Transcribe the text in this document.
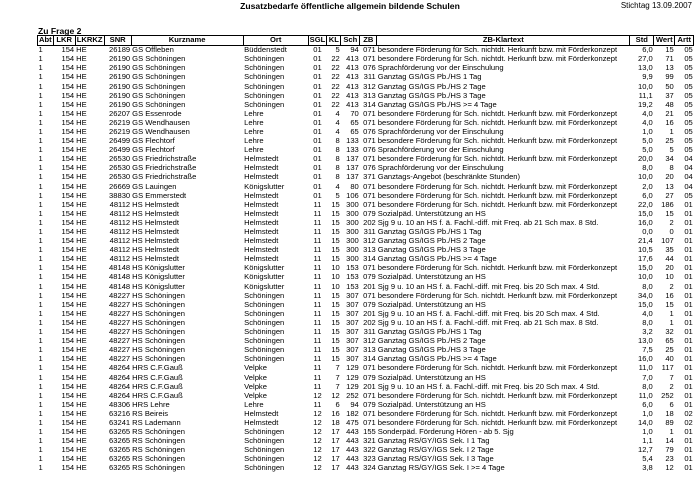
Zusatzbedarfe öffentliche allgemein bildende Schulen	Stichtag 13.09.2007
Zu Frage 2
Abt	LKR	LKRKZ	SNR	Kurzname	Ort	SGL	KL	Sch	ZB	ZB-Klartext	Std	Wert	Artt
1	154	HE	26189	GS Offleben	Büddenstedt	01	5	94	071	besondere Förderung für Sch. nichtdt. Herkunft bzw. mit Förderkonzept	6,0	15	05
1	154	HE	26190	GS Schöningen	Schöningen	01	22	413	071	besondere Förderung für Sch. nichtdt. Herkunft bzw. mit Förderkonzept	27,0	71	05
1	154	HE	26190	GS Schöningen	Schöningen	01	22	413	076	Sprachförderung vor der Einschulung	13,0	13	05
1	154	HE	26190	GS Schöningen	Schöningen	01	22	413	311	Ganztag GS/IGS Pb./HS 1 Tag	9,9	99	05
1	154	HE	26190	GS Schöningen	Schöningen	01	22	413	312	Ganztag GS/IGS Pb./HS 2 Tage	10,0	50	05
1	154	HE	26190	GS Schöningen	Schöningen	01	22	413	313	Ganztag GS/IGS Pb./HS 3 Tage	11,1	37	05
1	154	HE	26190	GS Schöningen	Schöningen	01	22	413	314	Ganztag GS/IGS Pb./HS >= 4 Tage	19,2	48	05
1	154	HE	26207	GS Essenrode	Lehre	01	4	70	071	besondere Förderung für Sch. nichtdt. Herkunft bzw. mit Förderkonzept	4,0	21	05
1	154	HE	26219	GS Wendhausen	Lehre	01	4	65	071	besondere Förderung für Sch. nichtdt. Herkunft bzw. mit Förderkonzept	4,0	16	05
1	154	HE	26219	GS Wendhausen	Lehre	01	4	65	076	Sprachförderung vor der Einschulung	1,0	1	05
1	154	HE	26499	GS Flechtorf	Lehre	01	8	133	071	besondere Förderung für Sch. nichtdt. Herkunft bzw. mit Förderkonzept	5,0	25	05
1	154	HE	26499	GS Flechtorf	Lehre	01	8	133	076	Sprachförderung vor der Einschulung	5,0	5	05
1	154	HE	26530	GS Friedrichstraße	Helmstedt	01	8	137	071	besondere Förderung für Sch. nichtdt. Herkunft bzw. mit Förderkonzept	20,0	34	04
1	154	HE	26530	GS Friedrichstraße	Helmstedt	01	8	137	076	Sprachförderung vor der Einschulung	8,0	8	04
1	154	HE	26530	GS Friedrichstraße	Helmstedt	01	8	137	371	Ganztags-Angebot (beschränkte Stunden)	10,0	20	04
1	154	HE	26669	GS Lauingen	Königslutter	01	4	80	071	besondere Förderung für Sch. nichtdt. Herkunft bzw. mit Förderkonzept	2,0	13	04
1	154	HE	38830	GS Emmerstedt	Helmstedt	01	5	106	071	besondere Förderung für Sch. nichtdt. Herkunft bzw. mit Förderkonzept	6,0	27	05
1	154	HE	48112	HS Helmstedt	Helmstedt	11	15	300	071	besondere Förderung für Sch. nichtdt. Herkunft bzw. mit Förderkonzept	22,0	186	01
1	154	HE	48112	HS Helmstedt	Helmstedt	11	15	300	079	Sozialpäd. Unterstützung an HS	15,0	15	01
1	154	HE	48112	HS Helmstedt	Helmstedt	11	15	300	202	Sjg 9 u. 10 an HS f. ä. Fachl.-diff. mit Freq. ab 21 Sch max. 8 Std.	16,0	2	01
1	154	HE	48112	HS Helmstedt	Helmstedt	11	15	300	311	Ganztag GS/IGS Pb./HS 1 Tag	0,0	0	01
1	154	HE	48112	HS Helmstedt	Helmstedt	11	15	300	312	Ganztag GS/IGS Pb./HS 2 Tage	21,4	107	01
1	154	HE	48112	HS Helmstedt	Helmstedt	11	15	300	313	Ganztag GS/IGS Pb./HS 3 Tage	10,5	35	01
1	154	HE	48112	HS Helmstedt	Helmstedt	11	15	300	314	Ganztag GS/IGS Pb./HS >= 4 Tage	17,6	44	01
1	154	HE	48148	HS Königslutter	Königslutter	11	10	153	071	besondere Förderung für Sch. nichtdt. Herkunft bzw. mit Förderkonzept	15,0	20	01
1	154	HE	48148	HS Königslutter	Königslutter	11	10	153	079	Sozialpäd. Unterstützung an HS	10,0	10	01
1	154	HE	48148	HS Königslutter	Königslutter	11	10	153	201	Sjg 9 u. 10 an HS f. ä. Fachl.-diff. mit Freq. bis 20 Sch max. 4 Std.	8,0	2	01
1	154	HE	48227	HS Schöningen	Schöningen	11	15	307	071	besondere Förderung für Sch. nichtdt. Herkunft bzw. mit Förderkonzept	34,0	16	01
1	154	HE	48227	HS Schöningen	Schöningen	11	15	307	079	Sozialpäd. Unterstützung an HS	15,0	15	01
1	154	HE	48227	HS Schöningen	Schöningen	11	15	307	201	Sjg 9 u. 10 an HS f. ä. Fachl.-diff. mit Freq. bis 20 Sch max. 4 Std.	4,0	1	01
1	154	HE	48227	HS Schöningen	Schöningen	11	15	307	202	Sjg 9 u. 10 an HS f. ä. Fachl.-diff. mit Freq. ab 21 Sch max. 8 Std.	8,0	1	01
1	154	HE	48227	HS Schöningen	Schöningen	11	15	307	311	Ganztag GS/IGS Pb./HS 1 Tag	3,2	32	01
1	154	HE	48227	HS Schöningen	Schöningen	11	15	307	312	Ganztag GS/IGS Pb./HS 2 Tage	13,0	65	01
1	154	HE	48227	HS Schöningen	Schöningen	11	15	307	313	Ganztag GS/IGS Pb./HS 3 Tage	7,5	25	01
1	154	HE	48227	HS Schöningen	Schöningen	11	15	307	314	Ganztag GS/IGS Pb./HS >= 4 Tage	16,0	40	01
1	154	HE	48264	HRS C.F.Gauß	Velpke	11	7	129	071	besondere Förderung für Sch. nichtdt. Herkunft bzw. mit Förderkonzept	11,0	117	01
1	154	HE	48264	HRS C.F.Gauß	Velpke	11	7	129	079	Sozialpäd. Unterstützung an HS	7,0	7	01
1	154	HE	48264	HRS C.F.Gauß	Velpke	11	7	129	201	Sjg 9 u. 10 an HS f. ä. Fachl.-diff. mit Freq. bis 20 Sch max. 4 Std.	8,0	2	01
1	154	HE	48264	HRS C.F.Gauß	Velpke	12	12	252	071	besondere Förderung für Sch. nichtdt. Herkunft bzw. mit Förderkonzept	11,0	252	01
1	154	HE	48306	HRS Lehre	Lehre	11	6	94	079	Sozialpäd. Unterstützung an HS	6,0	6	01
1	154	HE	63216	RS Beireis	Helmstedt	12	16	182	071	besondere Förderung für Sch. nichtdt. Herkunft bzw. mit Förderkonzept	1,0	18	02
1	154	HE	63241	RS Lademann	Helmstedt	12	18	475	071	besondere Förderung für Sch. nichtdt. Herkunft bzw. mit Förderkonzept	14,0	89	02
1	154	HE	63265	RS Schöningen	Schöningen	12	17	443	155	Sonderpäd. Förderung Hören - ab 5. Sjg	1,0	1	01
1	154	HE	63265	RS Schöningen	Schöningen	12	17	443	321	Ganztag RS/GY/IGS Sek. I 1 Tag	1,1	14	01
1	154	HE	63265	RS Schöningen	Schöningen	12	17	443	322	Ganztag RS/GY/IGS Sek. I 2 Tage	12,7	79	01
1	154	HE	63265	RS Schöningen	Schöningen	12	17	443	323	Ganztag RS/GY/IGS Sek. I 3 Tage	5,4	23	01
1	154	HE	63265	RS Schöningen	Schöningen	12	17	443	324	Ganztag RS/GY/IGS Sek. I >= 4 Tage	3,8	12	01
